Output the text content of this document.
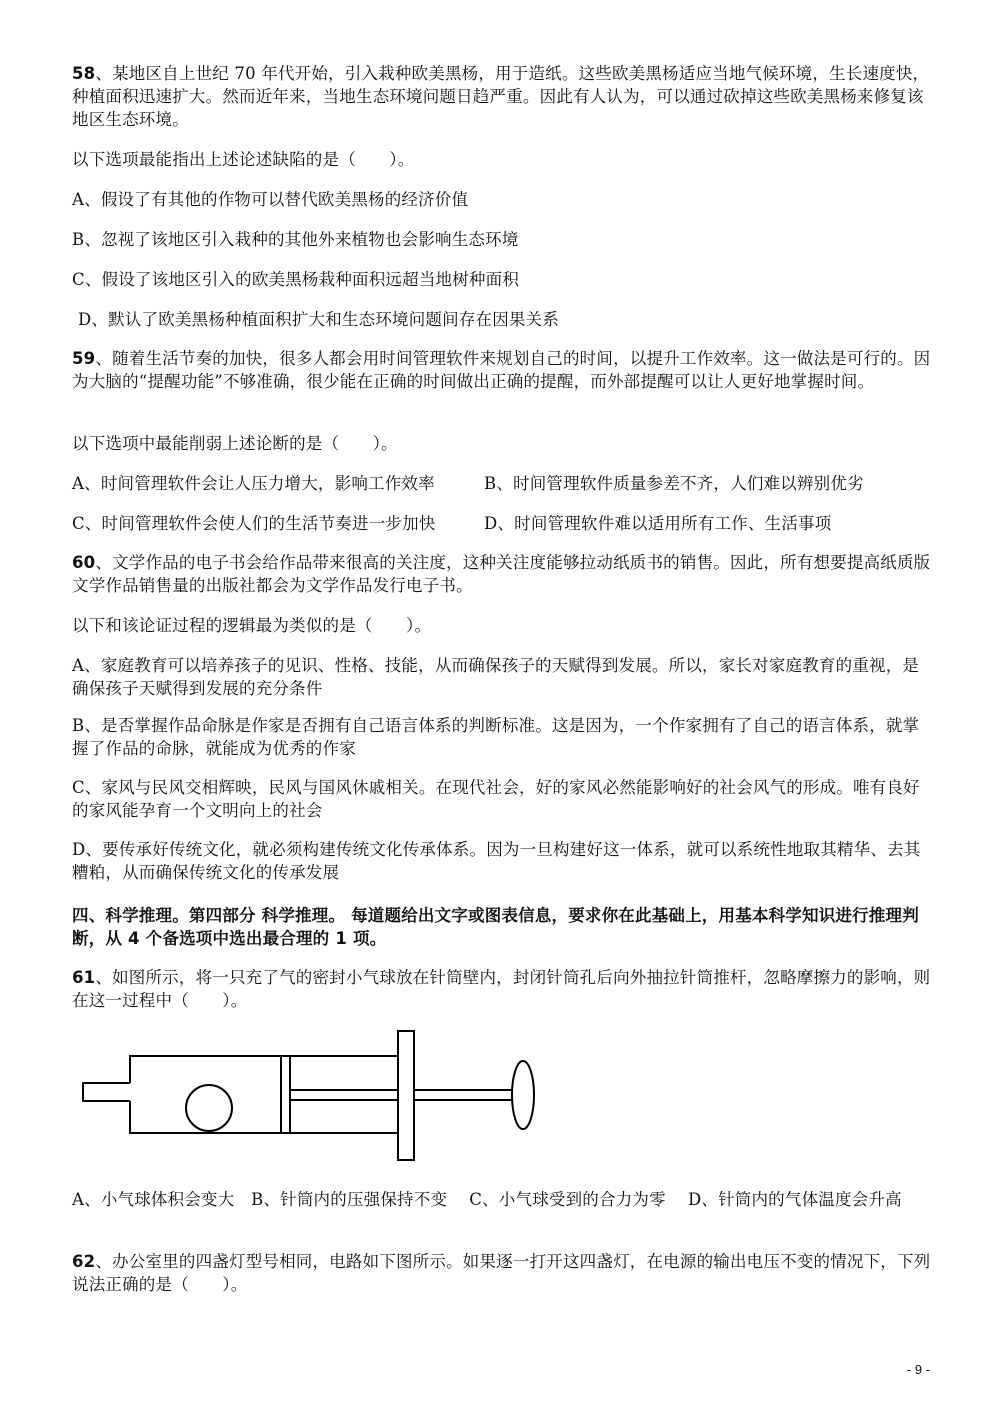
58、某地区自上世纪 70 年代开始，引入栽种欧美黑杨，用于造纸。这些欧美黑杨适应当地气候环境，生长速度快，种植面积迅速扩大。然而近年来，当地生态环境问题日趋严重。因此有人认为，可以通过砍掉这些欧美黑杨来修复该地区生态环境。

以下选项最能指出上述论述缺陷的是（　　）。

A、假设了有其他的作物可以替代欧美黑杨的经济价值

B、忽视了该地区引入栽种的其他外来植物也会影响生态环境

C、假设了该地区引入的欧美黑杨栽种面积远超当地树种面积

D、默认了欧美黑杨种植面积扩大和生态环境问题间存在因果关系

59、随着生活节奏的加快，很多人都会用时间管理软件来规划自己的时间，以提升工作效率。这一做法是可行的。因为大脑的“提醒功能”不够准确，很少能在正确的时间做出正确的提醒，而外部提醒可以让人更好地掌握时间。

以下选项中最能削弱上述论断的是（　　）。

A、时间管理软件会让人压力增大，影响工作效率	B、时间管理软件质量参差不齐，人们难以辨别优劣

C、时间管理软件会使人们的生活节奏进一步加快	D、时间管理软件难以适用所有工作、生活事项

60、文学作品的电子书会给作品带来很高的关注度，这种关注度能够拉动纸质书的销售。因此，所有想要提高纸质版文学作品销售量的出版社都会为文学作品发行电子书。

以下和该论证过程的逻辑最为类似的是（　　）。

A、家庭教育可以培养孩子的见识、性格、技能，从而确保孩子的天赋得到发展。所以，家长对家庭教育的重视，是确保孩子天赋得到发展的充分条件

B、是否掌握作品命脉是作家是否拥有自己语言体系的判断标准。这是因为，一个作家拥有了自己的语言体系，就掌握了作品的命脉，就能成为优秀的作家

C、家风与民风交相辉映，民风与国风休戚相关。在现代社会，好的家风必然能影响好的社会风气的形成。唯有良好的家风能孕育一个文明向上的社会

D、要传承好传统文化，就必须构建传统文化传承体系。因为一旦构建好这一体系，就可以系统性地取其精华、去其糟粕，从而确保传统文化的传承发展

四、科学推理。第四部分 科学推理。 每道题给出文字或图表信息，要求你在此基础上，用基本科学知识进行推理判断，从 4 个备选项中选出最合理的 1 项。

61、如图所示，将一只充了气的密封小气球放在针筒壁内，封闭针筒孔后向外抽拉针筒推杆，忽略摩擦力的影响，则在这一过程中（　　）。

A、小气球体积会变大　B、针筒内的压强保持不变　 C、小气球受到的合力为零　 D、针筒内的气体温度会升高

62、办公室里的四盏灯型号相同，电路如下图所示。如果逐一打开这四盏灯，在电源的输出电压不变的情况下，下列说法正确的是（　　）。

- 9 -
